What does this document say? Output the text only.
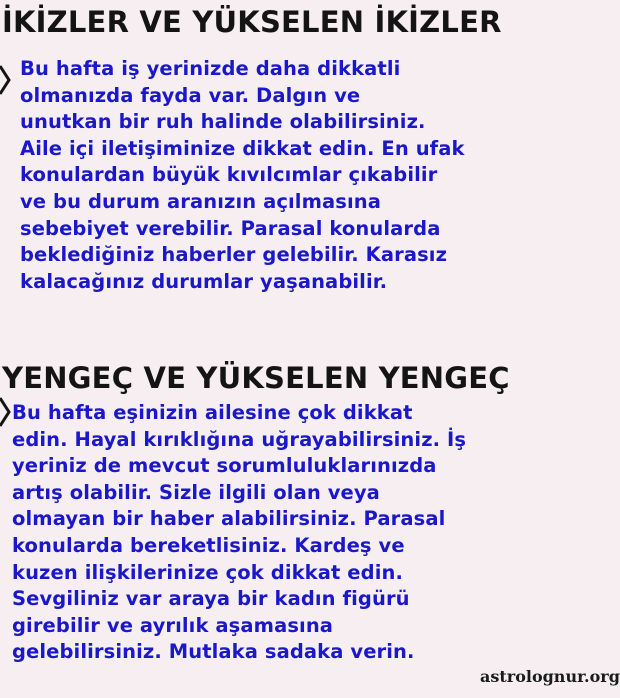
İKİZLER VE YÜKSELEN İKİZLER
Bu hafta iş yerinizde daha dikkatli
olmanızda fayda var. Dalgın ve
unutkan bir ruh halinde olabilirsiniz.
Aile içi iletişiminize dikkat edin. En ufak
konulardan büyük kıvılcımlar çıkabilir
ve bu durum aranızın açılmasına
sebebiyet verebilir. Parasal konularda
beklediğiniz haberler gelebilir. Karasız
kalacağınız durumlar yaşanabilir.
YENGEÇ VE YÜKSELEN YENGEÇ
Bu hafta eşinizin ailesine çok dikkat
edin. Hayal kırıklığına uğrayabilirsiniz. İş
yeriniz de mevcut sorumluluklarınızda
artış olabilir. Sizle ilgili olan veya
olmayan bir haber alabilirsiniz. Parasal
konularda bereketlisiniz. Kardeş ve
kuzen ilişkilerinize çok dikkat edin.
Sevgiliniz var araya bir kadın figürü
girebilir ve ayrılık aşamasına
gelebilirsiniz. Mutlaka sadaka verin.
astrolognur.org
